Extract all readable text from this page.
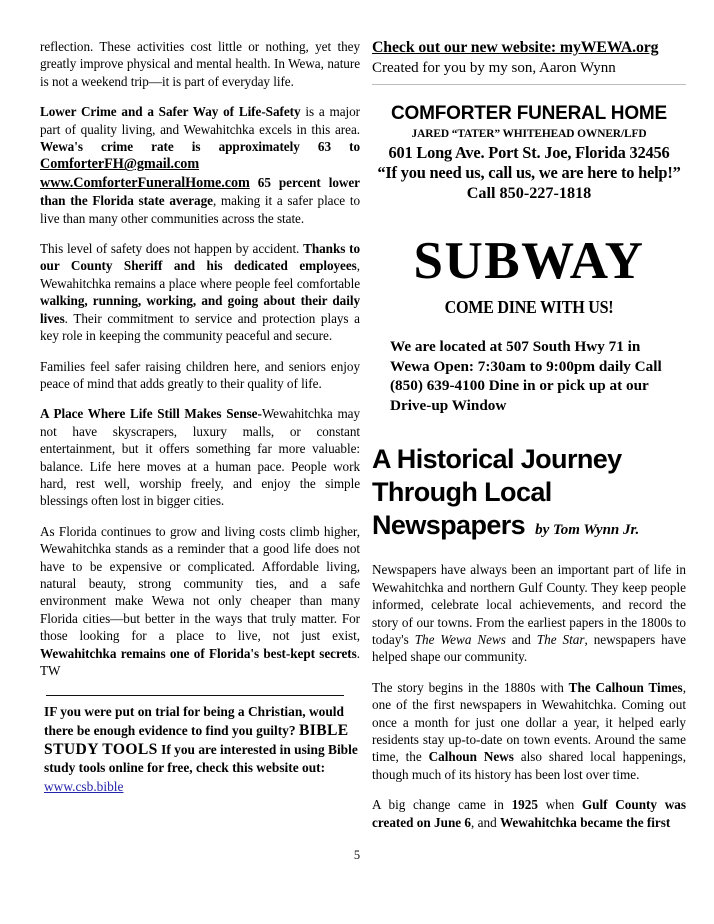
reflection. These activities cost little or nothing, yet they greatly improve physical and mental health. In Wewa, nature is not a weekend trip—it is part of everyday life.
Lower Crime and a Safer Way of Life-Safety is a major part of quality living, and Wewahitchka excels in this area. Wewa's crime rate is approximately 63 to ComforterFH@gmail.com www.ComforterFuneralHome.com 65 percent lower than the Florida state average, making it a safer place to live than many other communities across the state.
This level of safety does not happen by accident. Thanks to our County Sheriff and his dedicated employees, Wewahitchka remains a place where people feel comfortable walking, running, working, and going about their daily lives. Their commitment to service and protection plays a key role in keeping the community peaceful and secure.
Families feel safer raising children here, and seniors enjoy peace of mind that adds greatly to their quality of life.
A Place Where Life Still Makes Sense-Wewahitchka may not have skyscrapers, luxury malls, or constant entertainment, but it offers something far more valuable: balance. Life here moves at a human pace. People work hard, rest well, worship freely, and enjoy the simple blessings often lost in bigger cities.
As Florida continues to grow and living costs climb higher, Wewahitchka stands as a reminder that a good life does not have to be expensive or complicated. Affordable living, natural beauty, strong community ties, and a safe environment make Wewa not only cheaper than many Florida cities—but better in the ways that truly matter. For those looking for a place to live, not just exist, Wewahitchka remains one of Florida's best-kept secrets. TW
IF you were put on trial for being a Christian, would there be enough evidence to find you guilty? BIBLE STUDY TOOLS If you are interested in using Bible study tools online for free, check this website out:    www.csb.bible
Check out our new website: myWEWA.org
Created for you by my son, Aaron Wynn
COMFORTER FUNERAL HOME
JARED “TATER” WHITEHEAD OWNER/LFD
601 Long Ave. Port St. Joe, Florida 32456
“If you need us, call us, we are here to help!”
Call 850-227-1818
SUBWAY
COME DINE WITH US!
We are located at 507 South Hwy 71 in Wewa Open: 7:30am to 9:00pm daily Call (850) 639-4100 Dine in or pick up at our Drive-up Window
A Historical Journey Through Local Newspapers by Tom Wynn Jr.
Newspapers have always been an important part of life in Wewahitchka and northern Gulf County. They keep people informed, celebrate local achievements, and record the story of our towns. From the earliest papers in the 1800s to today's The Wewa News and The Star, newspapers have helped shape our community.
The story begins in the 1880s with The Calhoun Times, one of the first newspapers in Wewahitchka. Coming out once a month for just one dollar a year, it helped early residents stay up-to-date on town events. Around the same time, the Calhoun News also shared local happenings, though much of its history has been lost over time.
A big change came in 1925 when Gulf County was created on June 6, and Wewahitchka became the first
5
